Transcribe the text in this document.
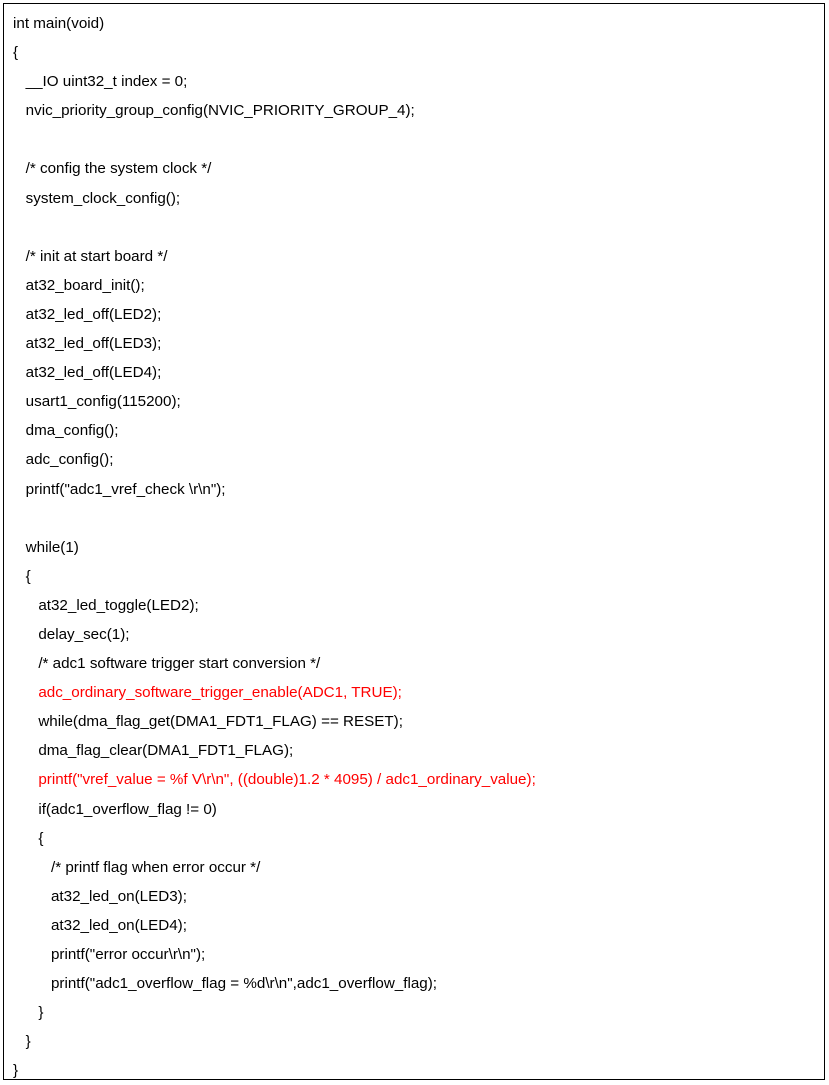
int main(void)
{
__IO uint32_t index = 0;
nvic_priority_group_config(NVIC_PRIORITY_GROUP_4);
/* config the system clock */
system_clock_config();
/* init at start board */
at32_board_init();
at32_led_off(LED2);
at32_led_off(LED3);
at32_led_off(LED4);
usart1_config(115200);
dma_config();
adc_config();
printf("adc1_vref_check \r\n");
while(1)
{
at32_led_toggle(LED2);
delay_sec(1);
/* adc1 software trigger start conversion */
adc_ordinary_software_trigger_enable(ADC1, TRUE);
while(dma_flag_get(DMA1_FDT1_FLAG) == RESET);
dma_flag_clear(DMA1_FDT1_FLAG);
printf("vref_value = %f V\r\n", ((double)1.2 * 4095) / adc1_ordinary_value);
if(adc1_overflow_flag != 0)
{
/* printf flag when error occur */
at32_led_on(LED3);
at32_led_on(LED4);
printf("error occur\r\n");
printf("adc1_overflow_flag = %d\r\n",adc1_overflow_flag);
}
}
}
